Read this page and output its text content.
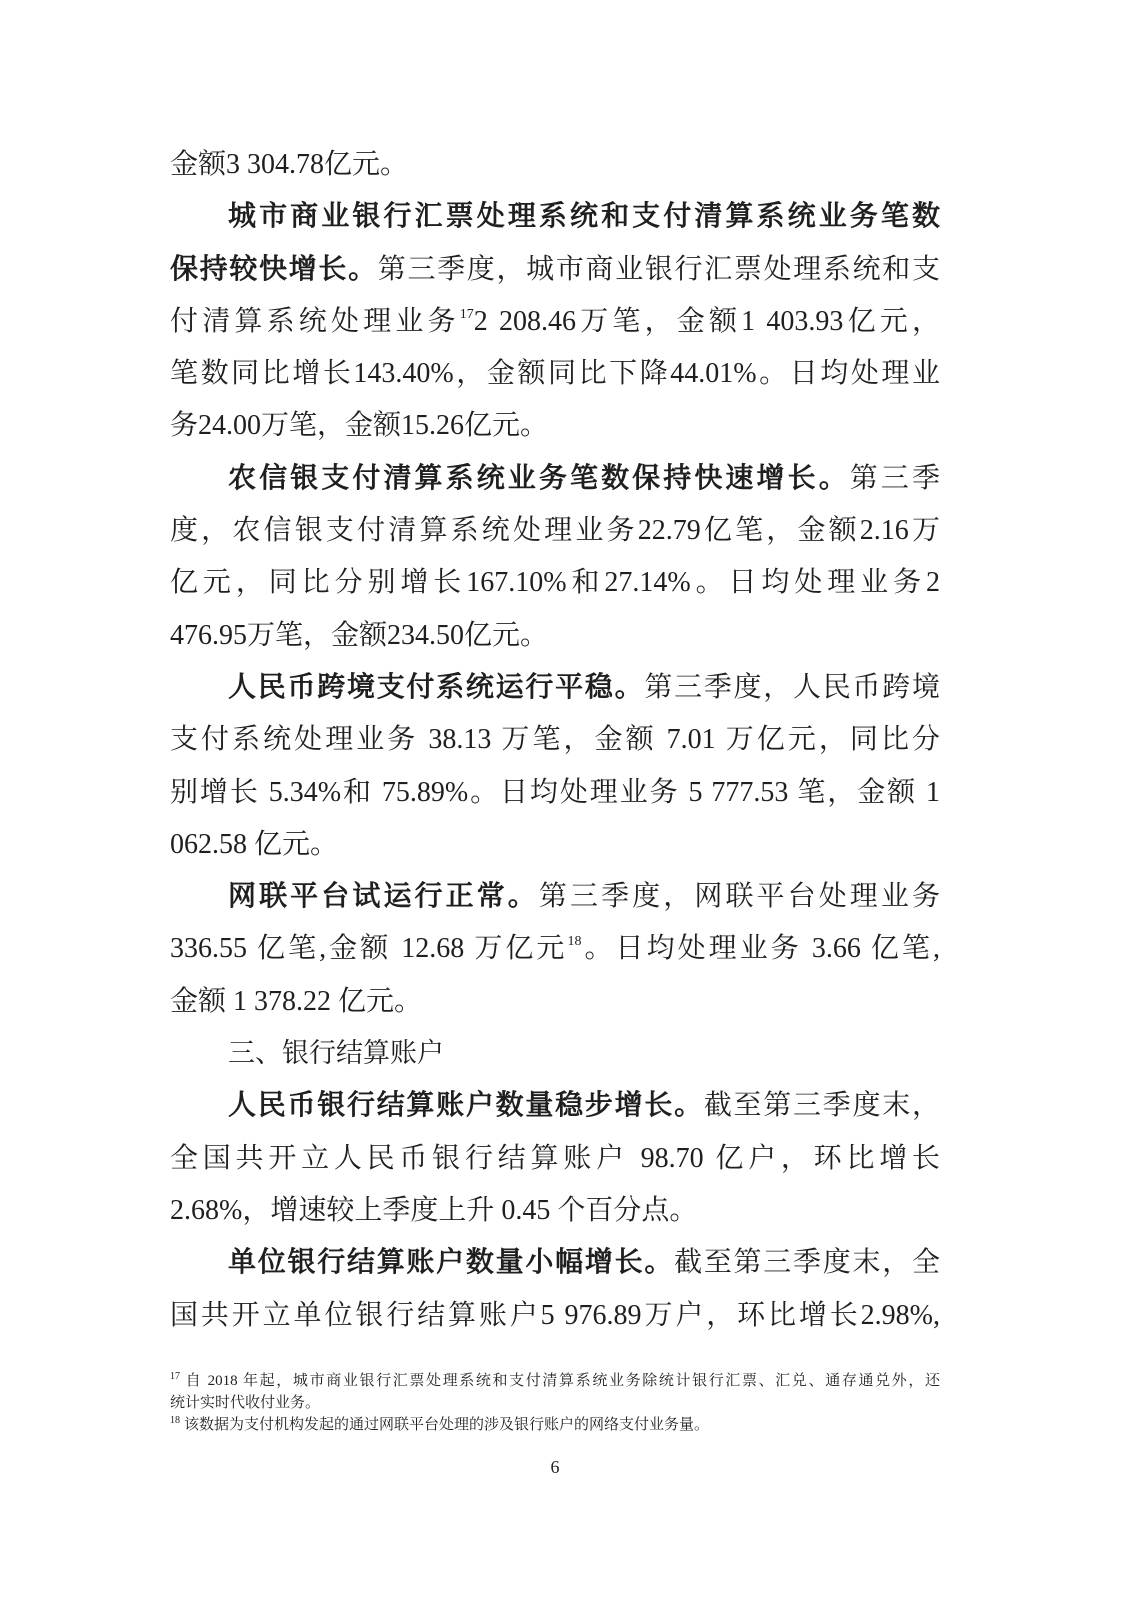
金额3 304.78亿元。
城市商业银行汇票处理系统和支付清算系统业务笔数
保持较快增长。第三季度，城市商业银行汇票处理系统和支
付清算系统处理业务$^{17}$2 208.46万笔，金额1 403.93亿元，
笔数同比增长143.40%，金额同比下降44.01%。日均处理业
务24.00万笔，金额15.26亿元。
农信银支付清算系统业务笔数保持快速增长。第三季
度，农信银支付清算系统处理业务22.79亿笔，金额2.16万
亿元，同比分别增长167.10%和27.14%。日均处理业务2
476.95万笔，金额234.50亿元。
人民币跨境支付系统运行平稳。第三季度，人民币跨境
支付系统处理业务 38.13 万笔，金额 7.01 万亿元，同比分
别增长 5.34%和 75.89%。日均处理业务 5 777.53 笔，金额 1
062.58 亿元。
网联平台试运行正常。第三季度，网联平台处理业务
336.55 亿笔,金额 12.68 万亿元$^{18}$。日均处理业务 3.66 亿笔,
金额 1 378.22 亿元。
三、银行结算账户
人民币银行结算账户数量稳步增长。截至第三季度末，
全国共开立人民币银行结算账户 98.70 亿户，环比增长
2.68%，增速较上季度上升 0.45 个百分点。
单位银行结算账户数量小幅增长。截至第三季度末，全
国共开立单位银行结算账户5 976.89万户，环比增长2.98%,
$^{17}$ 自 2018 年起，城市商业银行汇票处理系统和支付清算系统业务除统计银行汇票、汇兑、通存通兑外，还
统计实时代收付业务。
$^{18}$ 该数据为支付机构发起的通过网联平台处理的涉及银行账户的网络支付业务量。
6
